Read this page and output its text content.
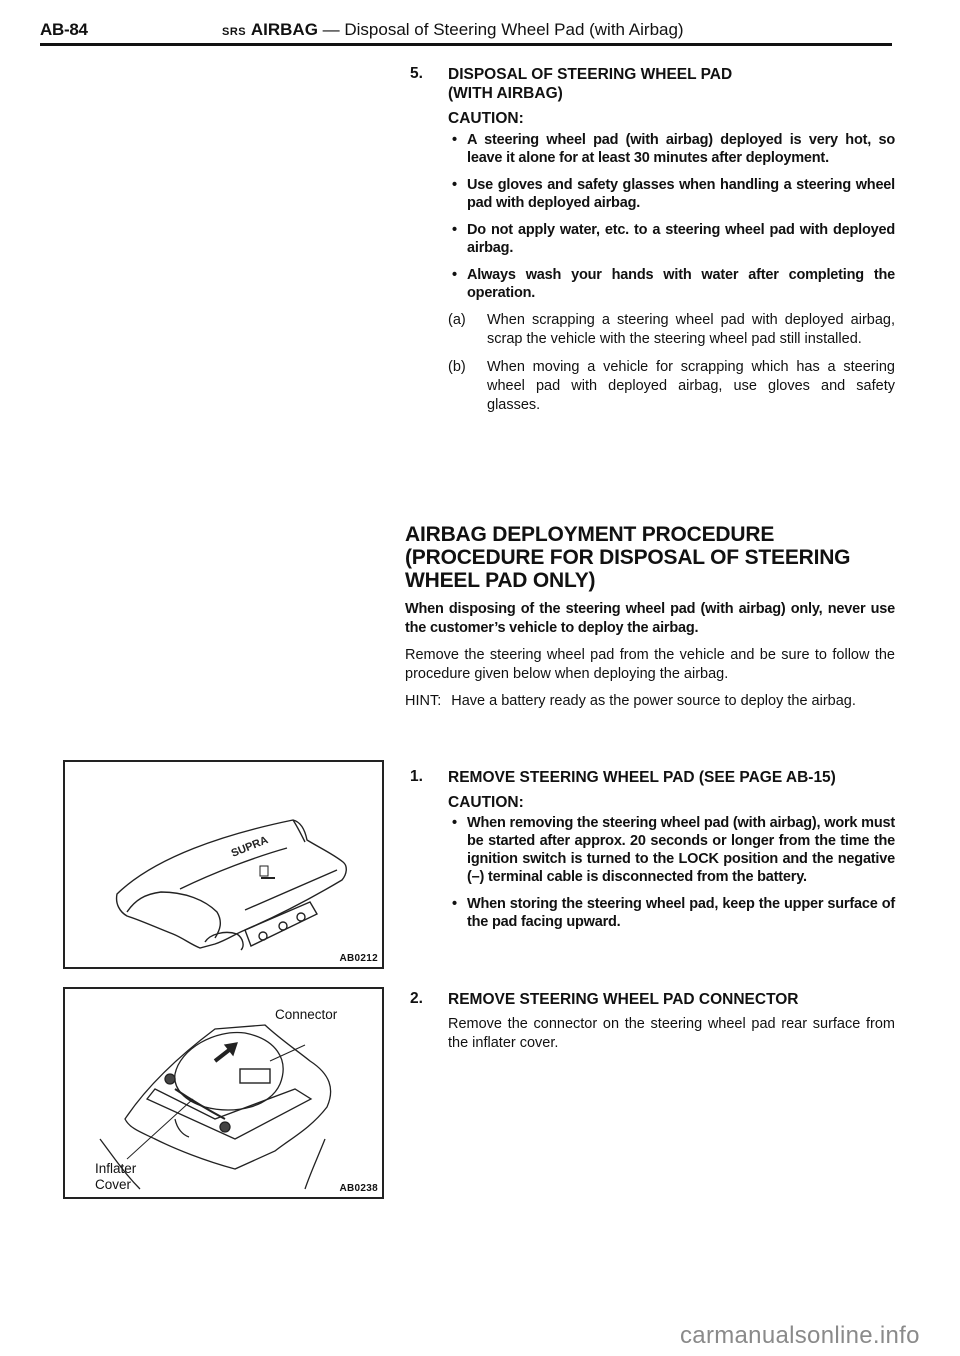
AB-84	SRS AIRBAG — Disposal of Steering Wheel Pad (with Airbag)
5. DISPOSAL OF STEERING WHEEL PAD
(WITH AIRBAG)
CAUTION:
• A steering wheel pad (with airbag) deployed is very hot, so leave it alone for at least 30 minutes after deployment.
• Use gloves and safety glasses when handling a steering wheel pad with deployed airbag.
• Do not apply water, etc. to a steering wheel pad with deployed airbag.
• Always wash your hands with water after completing the operation.
(a) When scrapping a steering wheel pad with deployed airbag, scrap the vehicle with the steering wheel pad still installed.
(b) When moving a vehicle for scrapping which has a steering wheel pad with deployed airbag, use gloves and safety glasses.
AIRBAG DEPLOYMENT PROCEDURE
(PROCEDURE FOR DISPOSAL OF STEERING
WHEEL PAD ONLY)

When disposing of the steering wheel pad (with airbag) only, never use the customer’s vehicle to deploy the airbag.

Remove the steering wheel pad from the vehicle and be sure to follow the procedure given below when deploying the airbag.

HINT: Have a battery ready as the power source to deploy the airbag.

1. REMOVE STEERING WHEEL PAD (SEE PAGE AB-15)
CAUTION:
• When removing the steering wheel pad (with airbag), work must be started after approx. 20 seconds or longer from the time the ignition switch is turned to the LOCK position and the negative (–) terminal cable is disconnected from the battery.
• When storing the steering wheel pad, keep the upper surface of the pad facing upward.
2. REMOVE STEERING WHEEL PAD CONNECTOR

Remove the connector on the steering wheel pad rear surface from the inflater cover.

SUPRA
AB0212
Connector
Inflater
Cover	AB0238
carmanualsonline.info
